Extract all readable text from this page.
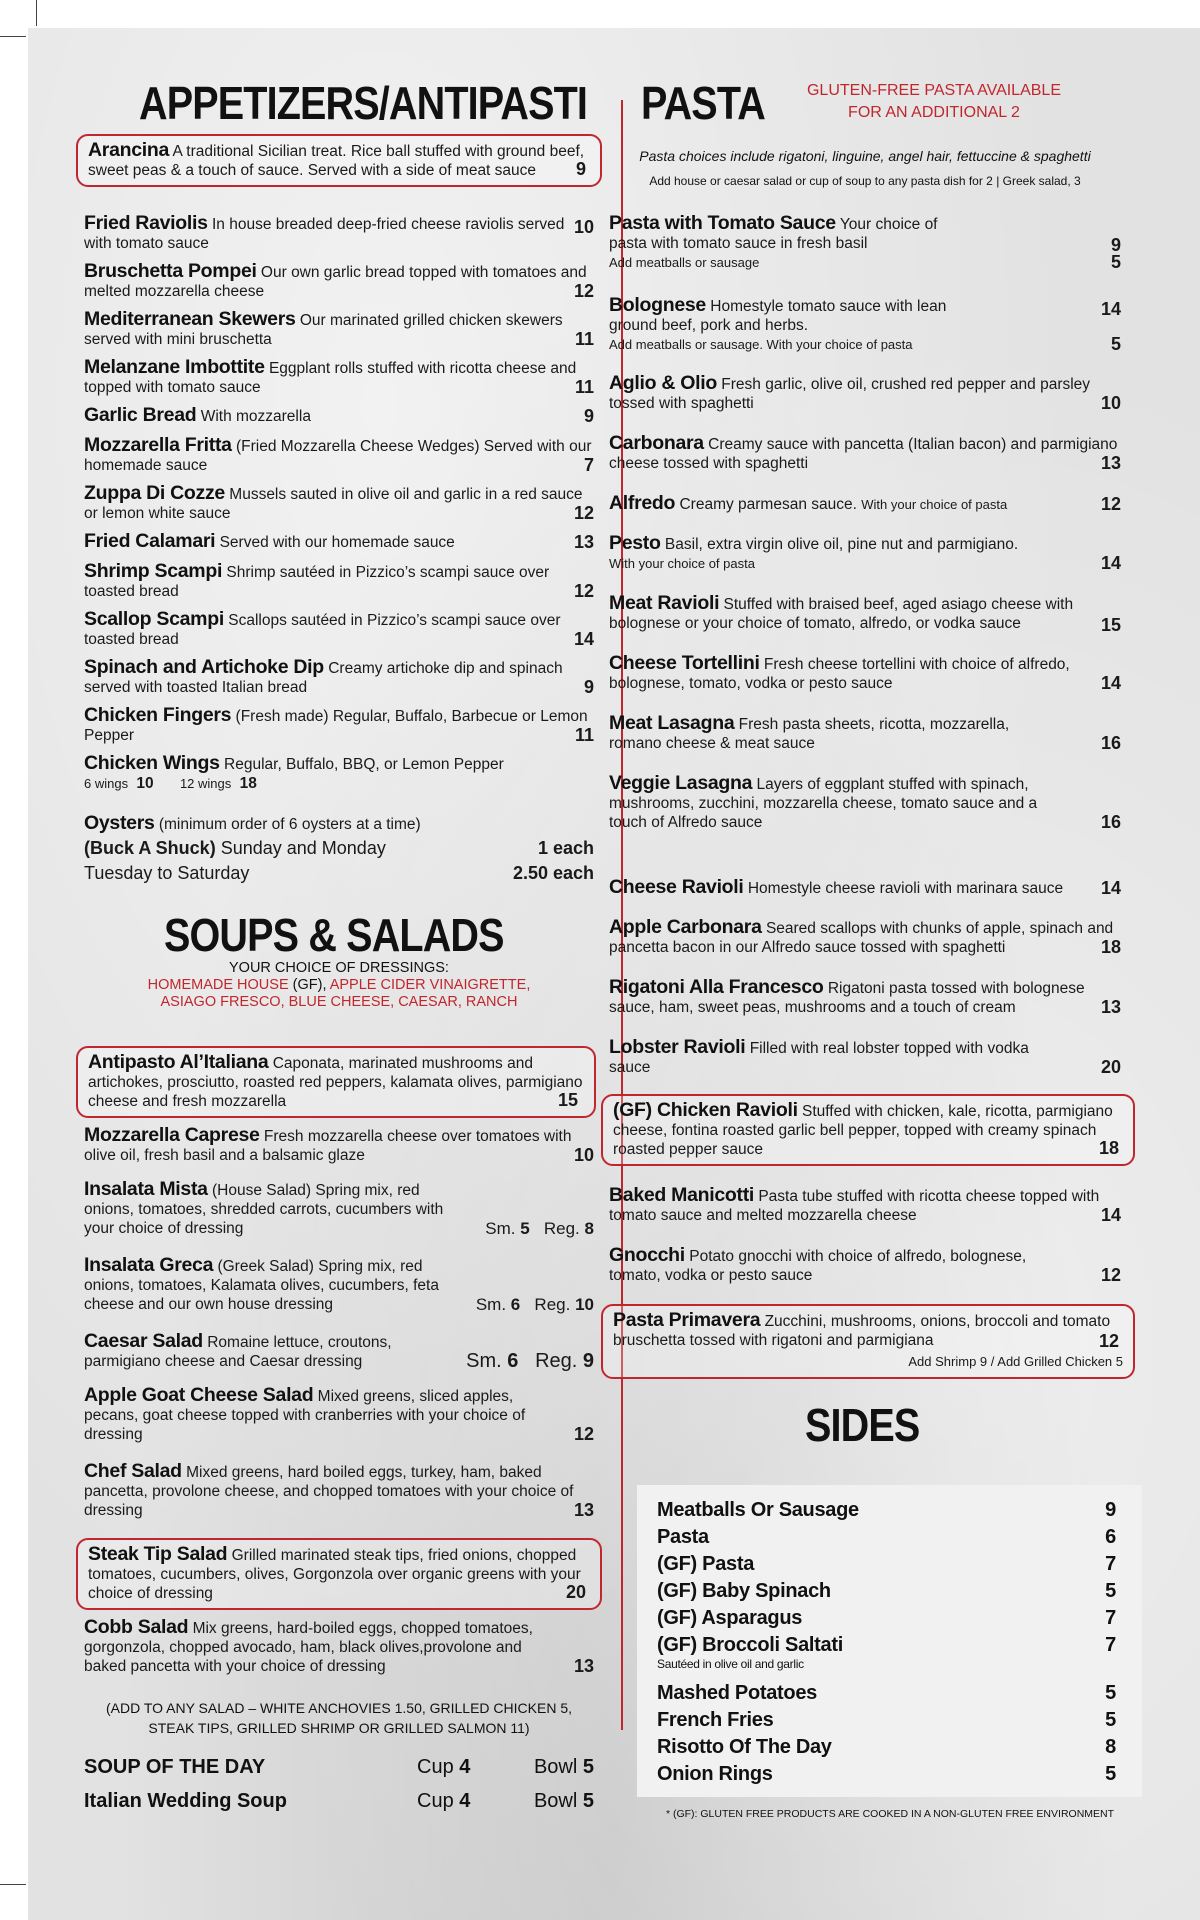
APPETIZERS/ANTIPASTI
Arancina A traditional Sicilian treat. Rice ball stuffed with ground beef, sweet peas & a touch of sauce. Served with a side of meat sauce 9
Fried Raviolis In house breaded deep-fried cheese raviolis served with tomato sauce
10
Bruschetta Pompei Our own garlic bread topped with tomatoes and melted mozzarella cheese	12
Mediterranean Skewers Our marinated grilled chicken skewers served with mini bruschetta	11
Melanzane Imbottite Eggplant rolls stuffed with ricotta cheese and topped with tomato sauce	11
Garlic Bread With mozzarella	9
Mozzarella Fritta (Fried Mozzarella Cheese Wedges) Served with our homemade sauce	7
Zuppa Di Cozze Mussels sauted in olive oil and garlic in a red sauce or lemon white sauce	12
Fried Calamari Served with our homemade sauce	13
Shrimp Scampi Shrimp sautéed in Pizzico’s scampi sauce over toasted bread	12
Scallop Scampi Scallops sautéed in Pizzico’s scampi sauce over toasted bread	14
Spinach and Artichoke Dip Creamy artichoke dip and spinach served with toasted Italian bread	9
Chicken Fingers (Fresh made) Regular, Buffalo, Barbecue or Lemon Pepper	11
Chicken Wings Regular, Buffalo, BBQ, or Lemon Pepper
6 wings 10 12 wings 18
Oysters (minimum order of 6 oysters at a time)
(Buck A Shuck) Sunday and Monday	1 each

Tuesday to Saturday	2.50 each
SOUPS & SALADS
YOUR CHOICE OF DRESSINGS:
HOMEMADE HOUSE (GF), APPLE CIDER VINAIGRETTE,
ASIAGO FRESCO, BLUE CHEESE, CAESAR, RANCH
Antipasto Al’Italiana Caponata, marinated mushrooms and artichokes, prosciutto, roasted red peppers, kalamata olives, parmigiano cheese and fresh mozzarella	15
Mozzarella Caprese Fresh mozzarella cheese over tomatoes with olive oil, fresh basil and a balsamic glaze	10
Insalata Mista (House Salad) Spring mix, red onions, tomatoes, shredded carrots, cucumbers with your choice of dressing	Sm. 5 Reg. 8
Insalata Greca (Greek Salad) Spring mix, red onions, tomatoes, Kalamata olives, cucumbers, feta cheese and our own house dressing	Sm. 6 Reg. 10
Caesar Salad Romaine lettuce, croutons, parmigiano cheese and Caesar dressing	Sm. 6 Reg. 9
Apple Goat Cheese Salad Mixed greens, sliced apples, pecans, goat cheese topped with cranberries with your choice of dressing	12
Chef Salad Mixed greens, hard boiled eggs, turkey, ham, baked pancetta, provolone cheese, and chopped tomatoes with your choice of dressing	13
Steak Tip Salad Grilled marinated steak tips, fried onions, chopped tomatoes, cucumbers, olives, Gorgonzola over organic greens with your choice of dressing	20
Cobb Salad Mix greens, hard-boiled eggs, chopped tomatoes, gorgonzola, chopped avocado, ham, black olives,provolone and baked pancetta with your choice of dressing	13
(ADD TO ANY SALAD – WHITE ANCHOVIES 1.50, GRILLED CHICKEN 5, STEAK TIPS, GRILLED SHRIMP OR GRILLED SALMON 11)
SOUP OF THE DAY	Cup 4	Bowl 5
Italian Wedding Soup	Cup 4	Bowl 5
PASTA	GLUTEN-FREE PASTA AVAILABLE
FOR AN ADDITIONAL 2
Pasta choices include rigatoni, linguine, angel hair, fettuccine & spaghetti
Add house or caesar salad or cup of soup to any pasta dish for 2 | Greek salad, 3
Pasta with Tomato Sauce Your choice of pasta with tomato sauce in fresh basil	9
Add meatballs or sausage	5
Bolognese Homestyle tomato sauce with lean ground beef, pork and herbs.
14
Add meatballs or sausage. With your choice of pasta	5
Aglio & Olio Fresh garlic, olive oil, crushed red pepper and parsley tossed with spaghetti	10
Carbonara Creamy sauce with pancetta (Italian bacon) and parmigiano cheese tossed with spaghetti	13
Alfredo Creamy parmesan sauce. With your choice of pasta	12
Pesto Basil, extra virgin olive oil, pine nut and parmigiano.
With your choice of pasta	14
Meat Ravioli Stuffed with braised beef, aged asiago cheese with bolognese or your choice of tomato, alfredo, or vodka sauce	15
Cheese Tortellini Fresh cheese tortellini with choice of alfredo, bolognese, tomato, vodka or pesto sauce	14
Meat Lasagna Fresh pasta sheets, ricotta, mozzarella, romano cheese & meat sauce	16
Veggie Lasagna Layers of eggplant stuffed with spinach, mushrooms, zucchini, mozzarella cheese, tomato sauce and a touch of Alfredo sauce	16
Cheese Ravioli Homestyle cheese ravioli with marinara sauce 14
Apple Carbonara Seared scallops with chunks of apple, spinach and pancetta bacon in our Alfredo sauce tossed with spaghetti	18
Rigatoni Alla Francesco Rigatoni pasta tossed with bolognese sauce, ham, sweet peas, mushrooms and a touch of cream	13
Lobster Ravioli Filled with real lobster topped with vodka sauce	20
(GF) Chicken Ravioli Stuffed with chicken, kale, ricotta, parmigiano cheese, fontina roasted garlic bell pepper, topped with creamy spinach roasted pepper sauce	18
Baked Manicotti Pasta tube stuffed with ricotta cheese topped with tomato sauce and melted mozzarella cheese	14
Gnocchi Potato gnocchi with choice of alfredo, bolognese, tomato, vodka or pesto sauce	12
Pasta Primavera Zucchini, mushrooms, onions, broccoli and tomato bruschetta tossed with rigatoni and parmigiana	12
Add Shrimp 9 / Add Grilled Chicken 5
SIDES
Meatballs Or Sausage	9
Pasta	6
(GF) Pasta	7
(GF) Baby Spinach	5
(GF) Asparagus	7
(GF) Broccoli Saltati	7
Sautéed in olive oil and garlic
Mashed Potatoes	5
French Fries	5
Risotto Of The Day	8
Onion Rings	5
* (GF): GLUTEN FREE PRODUCTS ARE COOKED IN A NON-GLUTEN FREE ENVIRONMENT
